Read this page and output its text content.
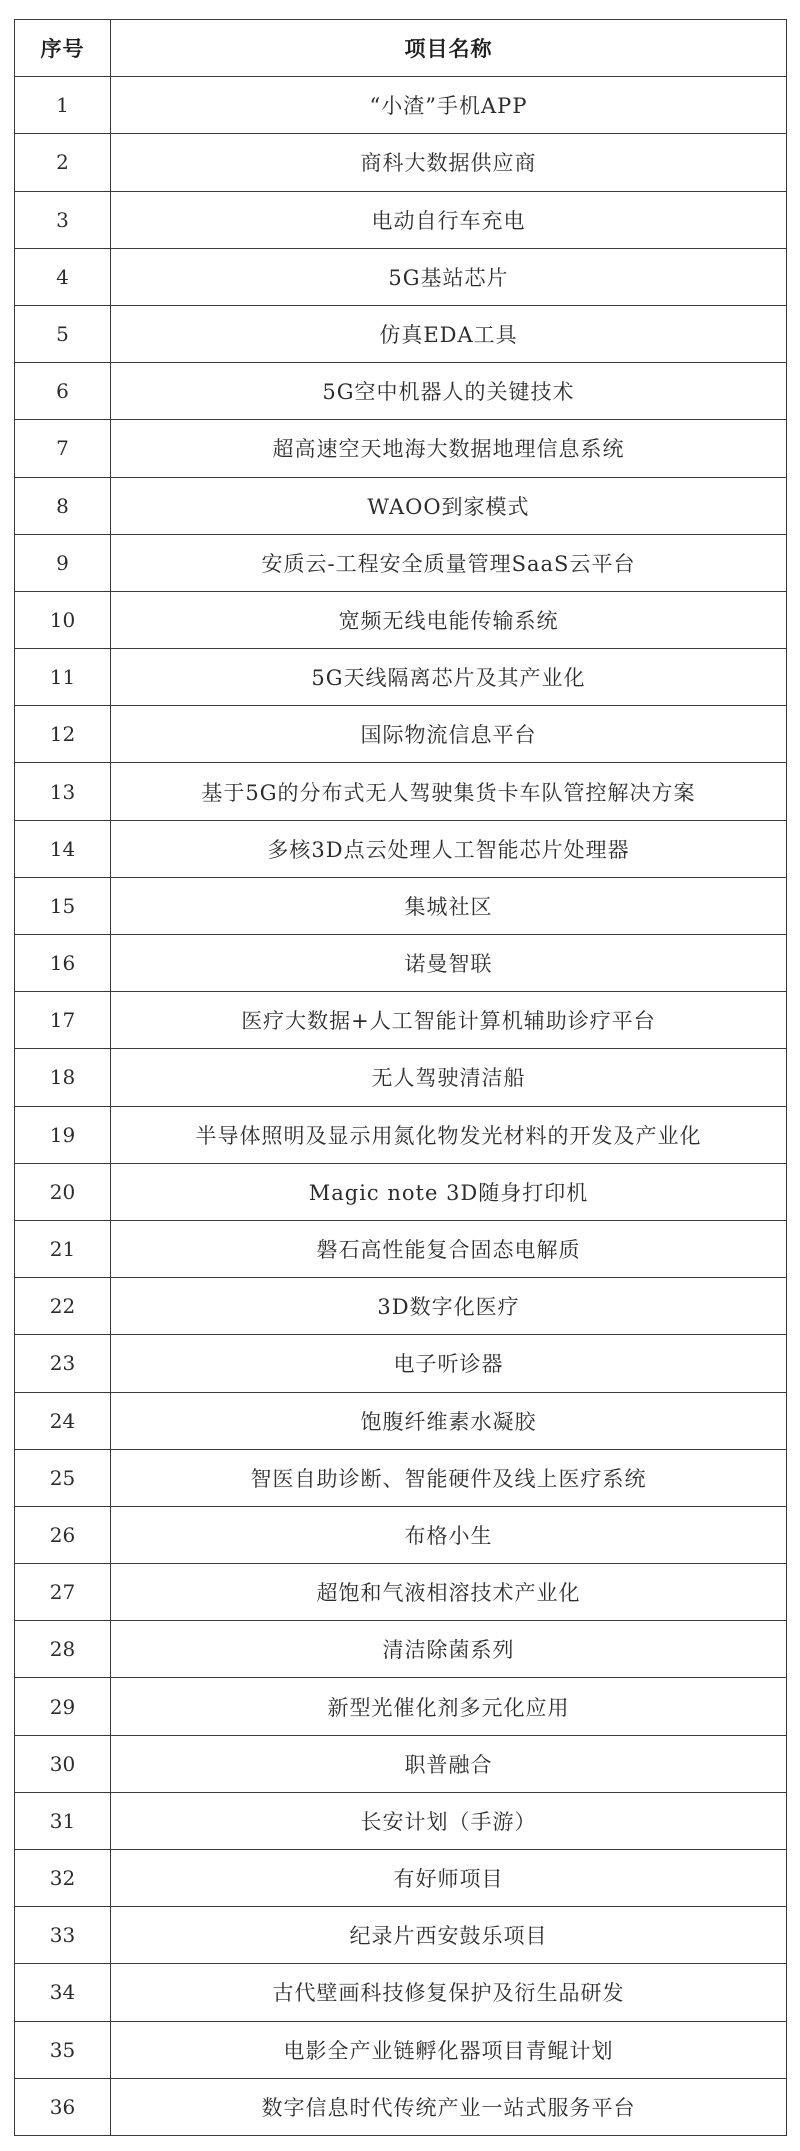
序号	项目名称
1	“小渣”手机APP
2	商科大数据供应商
3	电动自行车充电
4	5G基站芯片
5	仿真EDA工具
6	5G空中机器人的关键技术
7	超高速空天地海大数据地理信息系统
8	WAOO到家模式
9	安质云-工程安全质量管理SaaS云平台
10	宽频无线电能传输系统
11	5G天线隔离芯片及其产业化
12	国际物流信息平台
13	基于5G的分布式无人驾驶集货卡车队管控解决方案
14	多核3D点云处理人工智能芯片处理器
15	集城社区
16	诺曼智联
17	医疗大数据+人工智能计算机辅助诊疗平台
18	无人驾驶清洁船
19	半导体照明及显示用氮化物发光材料的开发及产业化
20	Magic note 3D随身打印机
21	磐石高性能复合固态电解质
22	3D数字化医疗
23	电子听诊器
24	饱腹纤维素水凝胶
25	智医自助诊断、智能硬件及线上医疗系统
26	布格小生
27	超饱和气液相溶技术产业化
28	清洁除菌系列
29	新型光催化剂多元化应用
30	职普融合
31	长安计划（手游）
32	有好师项目
33	纪录片西安鼓乐项目
34	古代壁画科技修复保护及衍生品研发
35	电影全产业链孵化器项目青鲲计划
36	数字信息时代传统产业一站式服务平台
